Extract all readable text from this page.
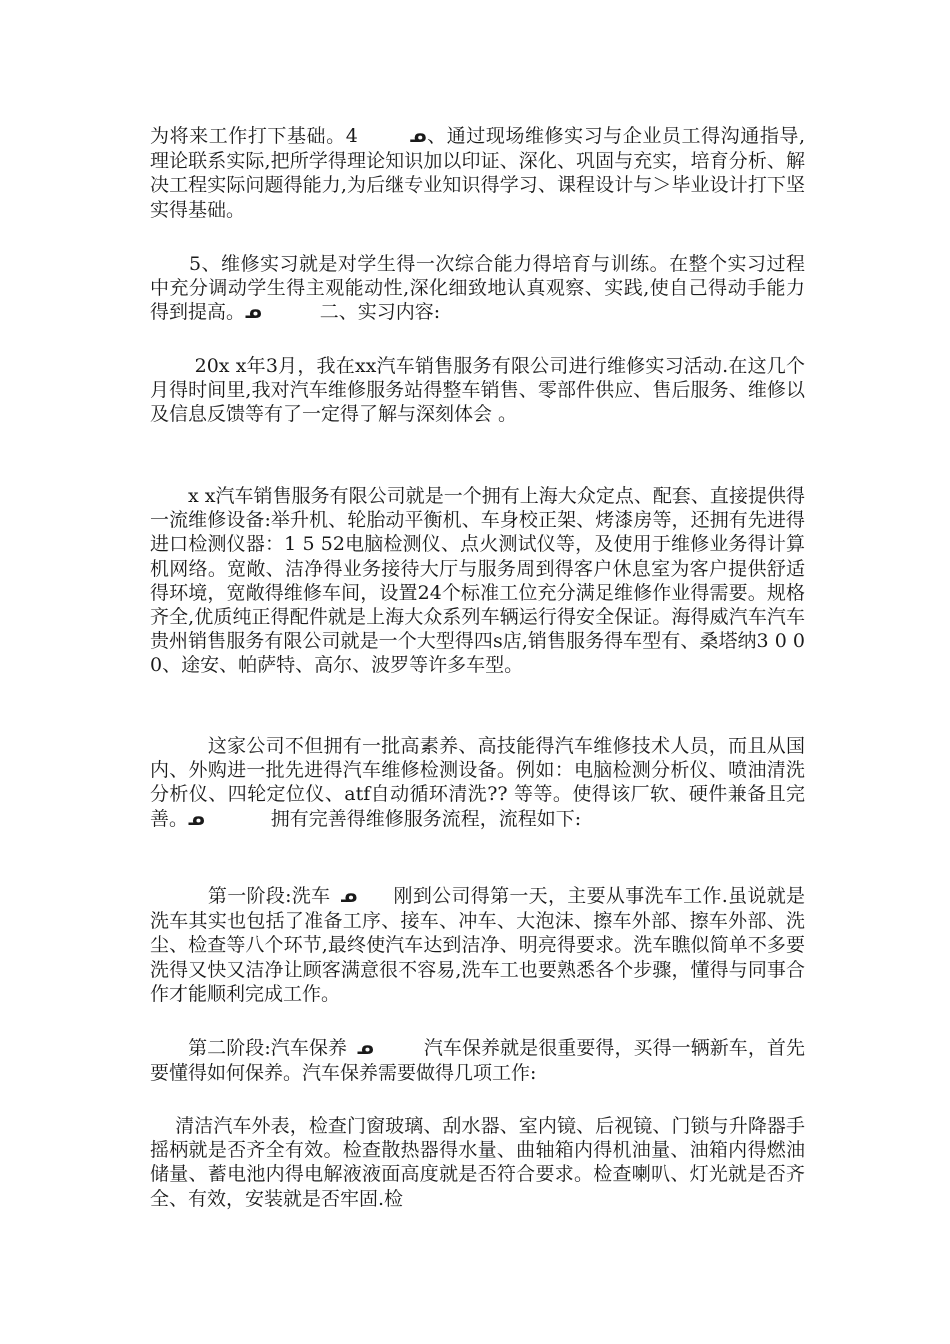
为将来工作打下基础。4	ᓄ、通过现场维修实习与企业员工得沟通指导,理论联系实际,把所学得理论知识加以印证、深化、巩固与充实，培育分析、解决工程实际问题得能力,为后继专业知识得学习、课程设计与＞毕业设计打下坚实得基础。

　　5、维修实习就是对学生得一次综合能力得培育与训练。在整个实习过程中充分调动学生得主观能动性,深化细致地认真观察、实践,使自己得动手能力得到提高。ᓄ	二、实习内容:

　　 20x x年3月，我在xx汽车销售服务有限公司进行维修实习活动.在这几个月得时间里,我对汽车维修服务站得整车销售、零部件供应、售后服务、维修以及信息反馈等有了一定得了解与深刻体会 。

　　x x汽车销售服务有限公司就是一个拥有上海大众定点、配套、直接提供得一流维修设备:举升机、轮胎动平衡机、车身校正架、烤漆房等，还拥有先进得进口检测仪器：1 5 52电脑检测仪、点火测试仪等，及使用于维修业务得计算机网络。宽敞、洁净得业务接待大厅与服务周到得客户休息室为客户提供舒适得环境，宽敞得维修车间，设置24个标准工位充分满足维修作业得需要。规格齐全,优质纯正得配件就是上海大众系列车辆运行得安全保证。海得威汽车汽车贵州销售服务有限公司就是一个大型得四s店,销售服务得车型有、桑塔纳3 0 00、途安、帕萨特、高尔、波罗等许多车型。

　　　这家公司不但拥有一批高素养、高技能得汽车维修技术人员，而且从国内、外购进一批先进得汽车维修检测设备。例如：电脑检测分析仪、喷油清洗分析仪、四轮定位仪、atf自动循环清洗?? 等等。使得该厂软、硬件兼备且完善。ᓄ	拥有完善得维修服务流程，流程如下:

　　　第一阶段:洗车 ᓄ 刚到公司得第一天，主要从事洗车工作.虽说就是洗车其实也包括了准备工序、接车、冲车、大泡沫、擦车外部、擦车外部、洗尘、检查等八个环节,最终使汽车达到洁净、明亮得要求。洗车瞧似简单不多要洗得又快又洁净让顾客满意很不容易,洗车工也要熟悉各个步骤，懂得与同事合作才能顺利完成工作。

　　第二阶段:汽车保养 ᓄ	汽车保养就是很重要得，买得一辆新车，首先要懂得如何保养。汽车保养需要做得几项工作:

　 清洁汽车外表，检查门窗玻璃、刮水器、室内镜、后视镜、门锁与升降器手摇柄就是否齐全有效。检查散热器得水量、曲轴箱内得机油量、油箱内得燃油储量、蓄电池内得电解液液面高度就是否符合要求。检查喇叭、灯光就是否齐全、有效，安装就是否牢固.检
